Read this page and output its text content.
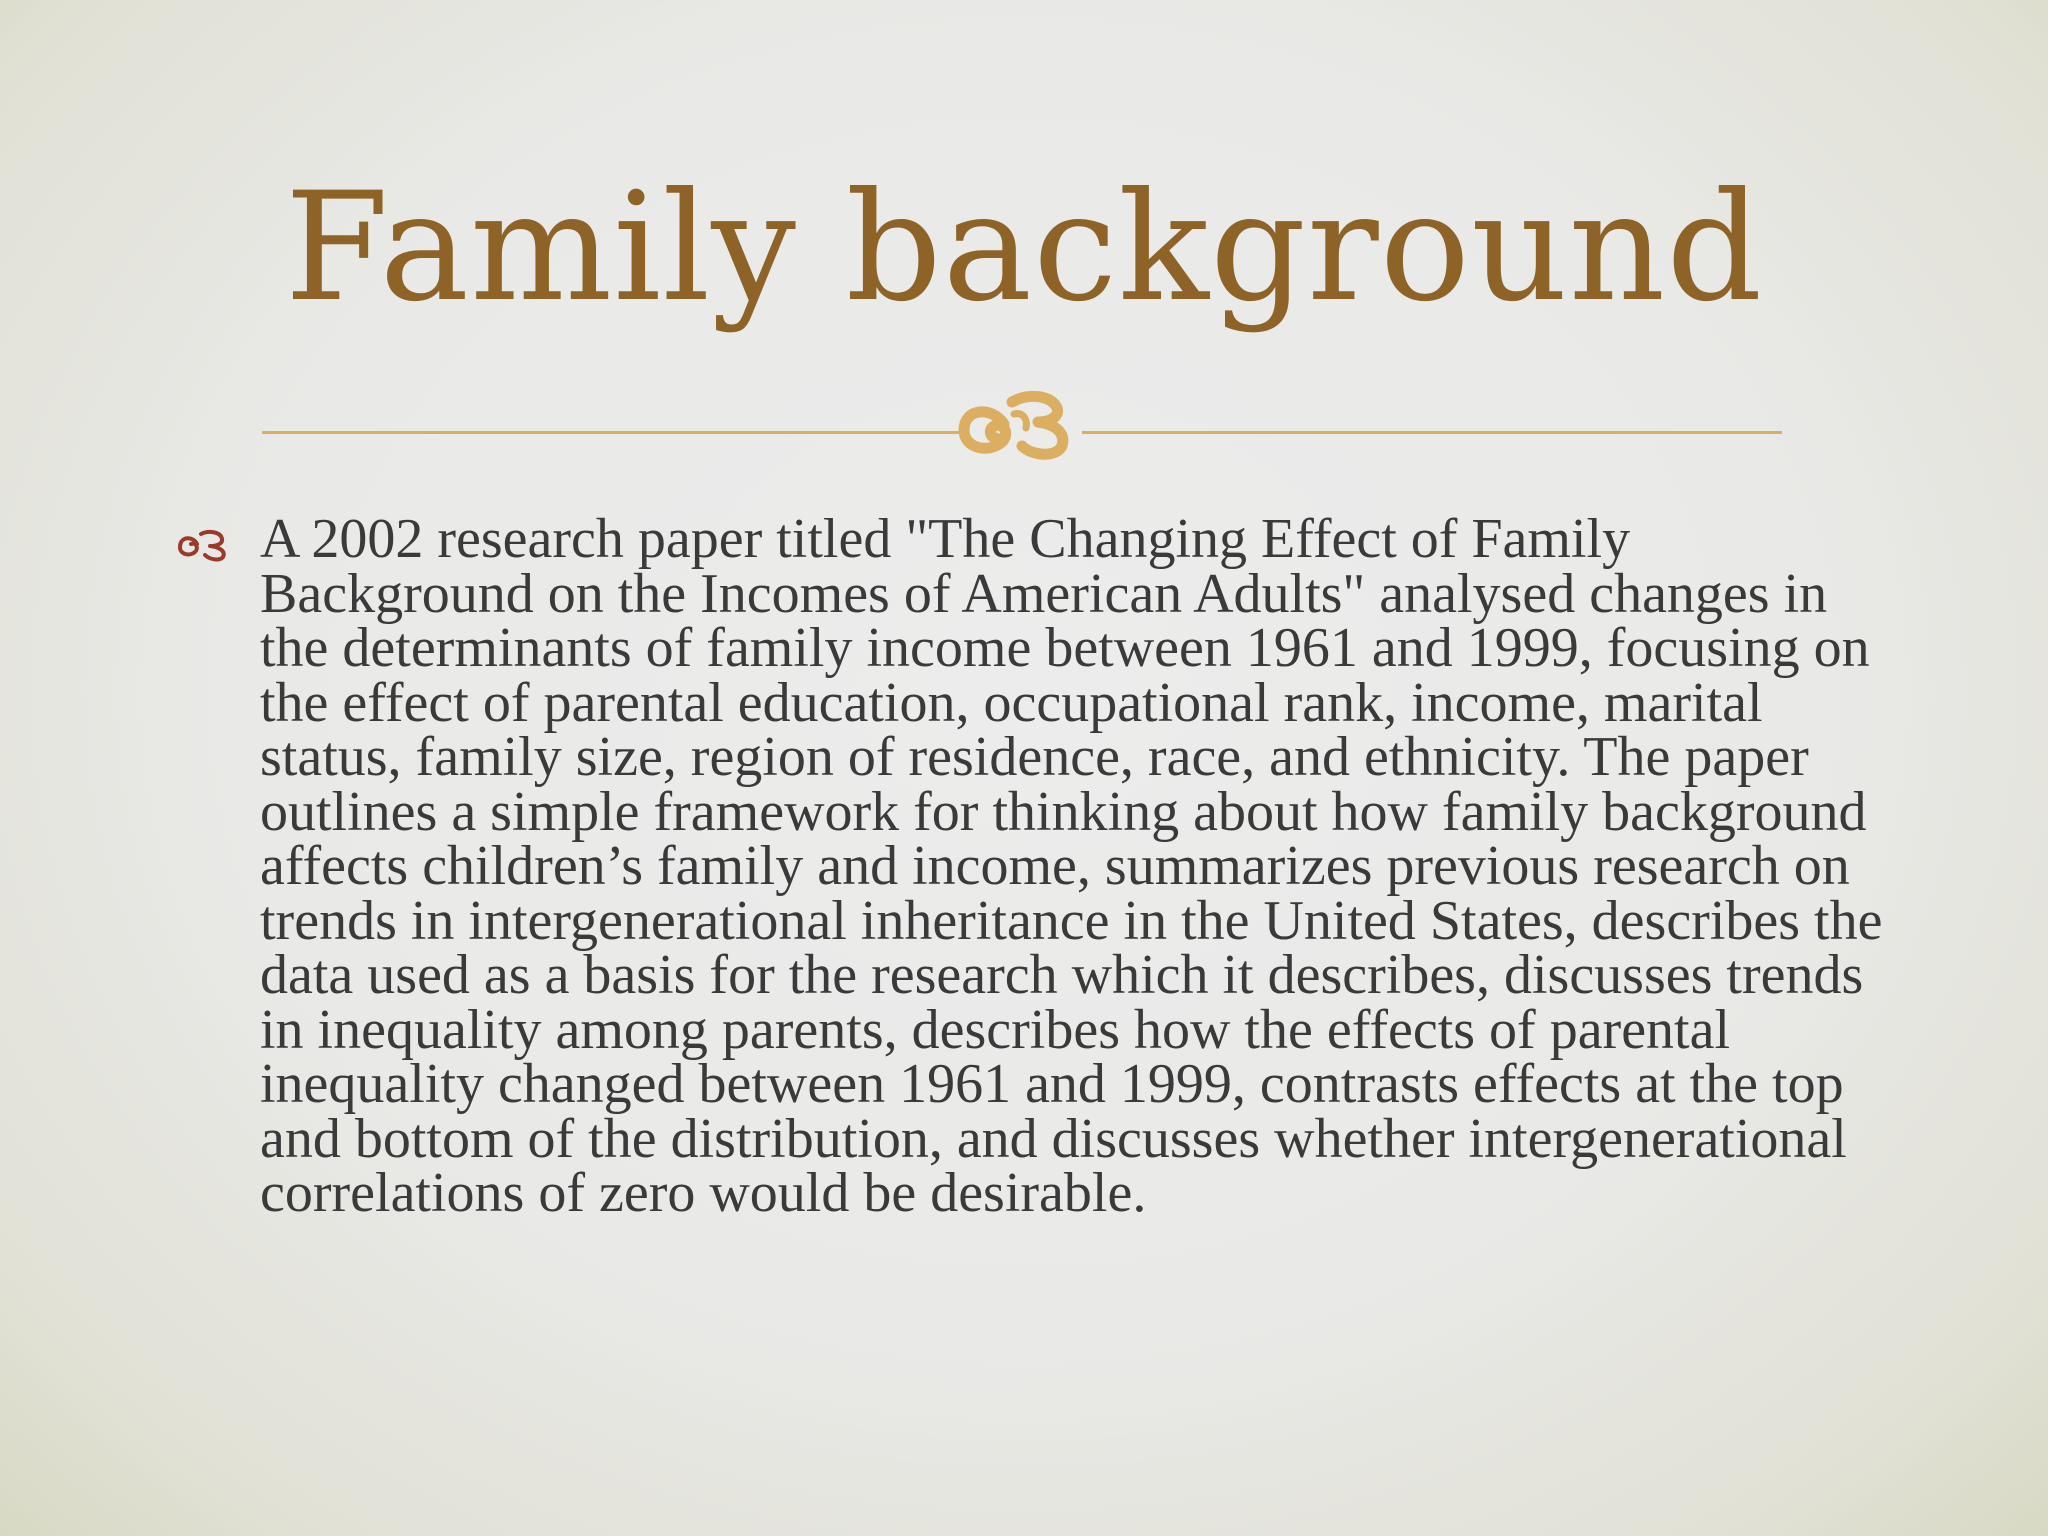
Family background

A 2002 research paper titled "The Changing Effect of Family Background on the Incomes of American Adults" analysed changes in the determinants of family income between 1961 and 1999, focusing on the effect of parental education, occupational rank, income, marital status, family size, region of residence, race, and ethnicity. The paper outlines a simple framework for thinking about how family background affects children’s family and income, summarizes previous research on trends in intergenerational inheritance in the United States, describes the data used as a basis for the research which it describes, discusses trends in inequality among parents, describes how the effects of parental inequality changed between 1961 and 1999, contrasts effects at the top and bottom of the distribution, and discusses whether intergenerational correlations of zero would be desirable.
